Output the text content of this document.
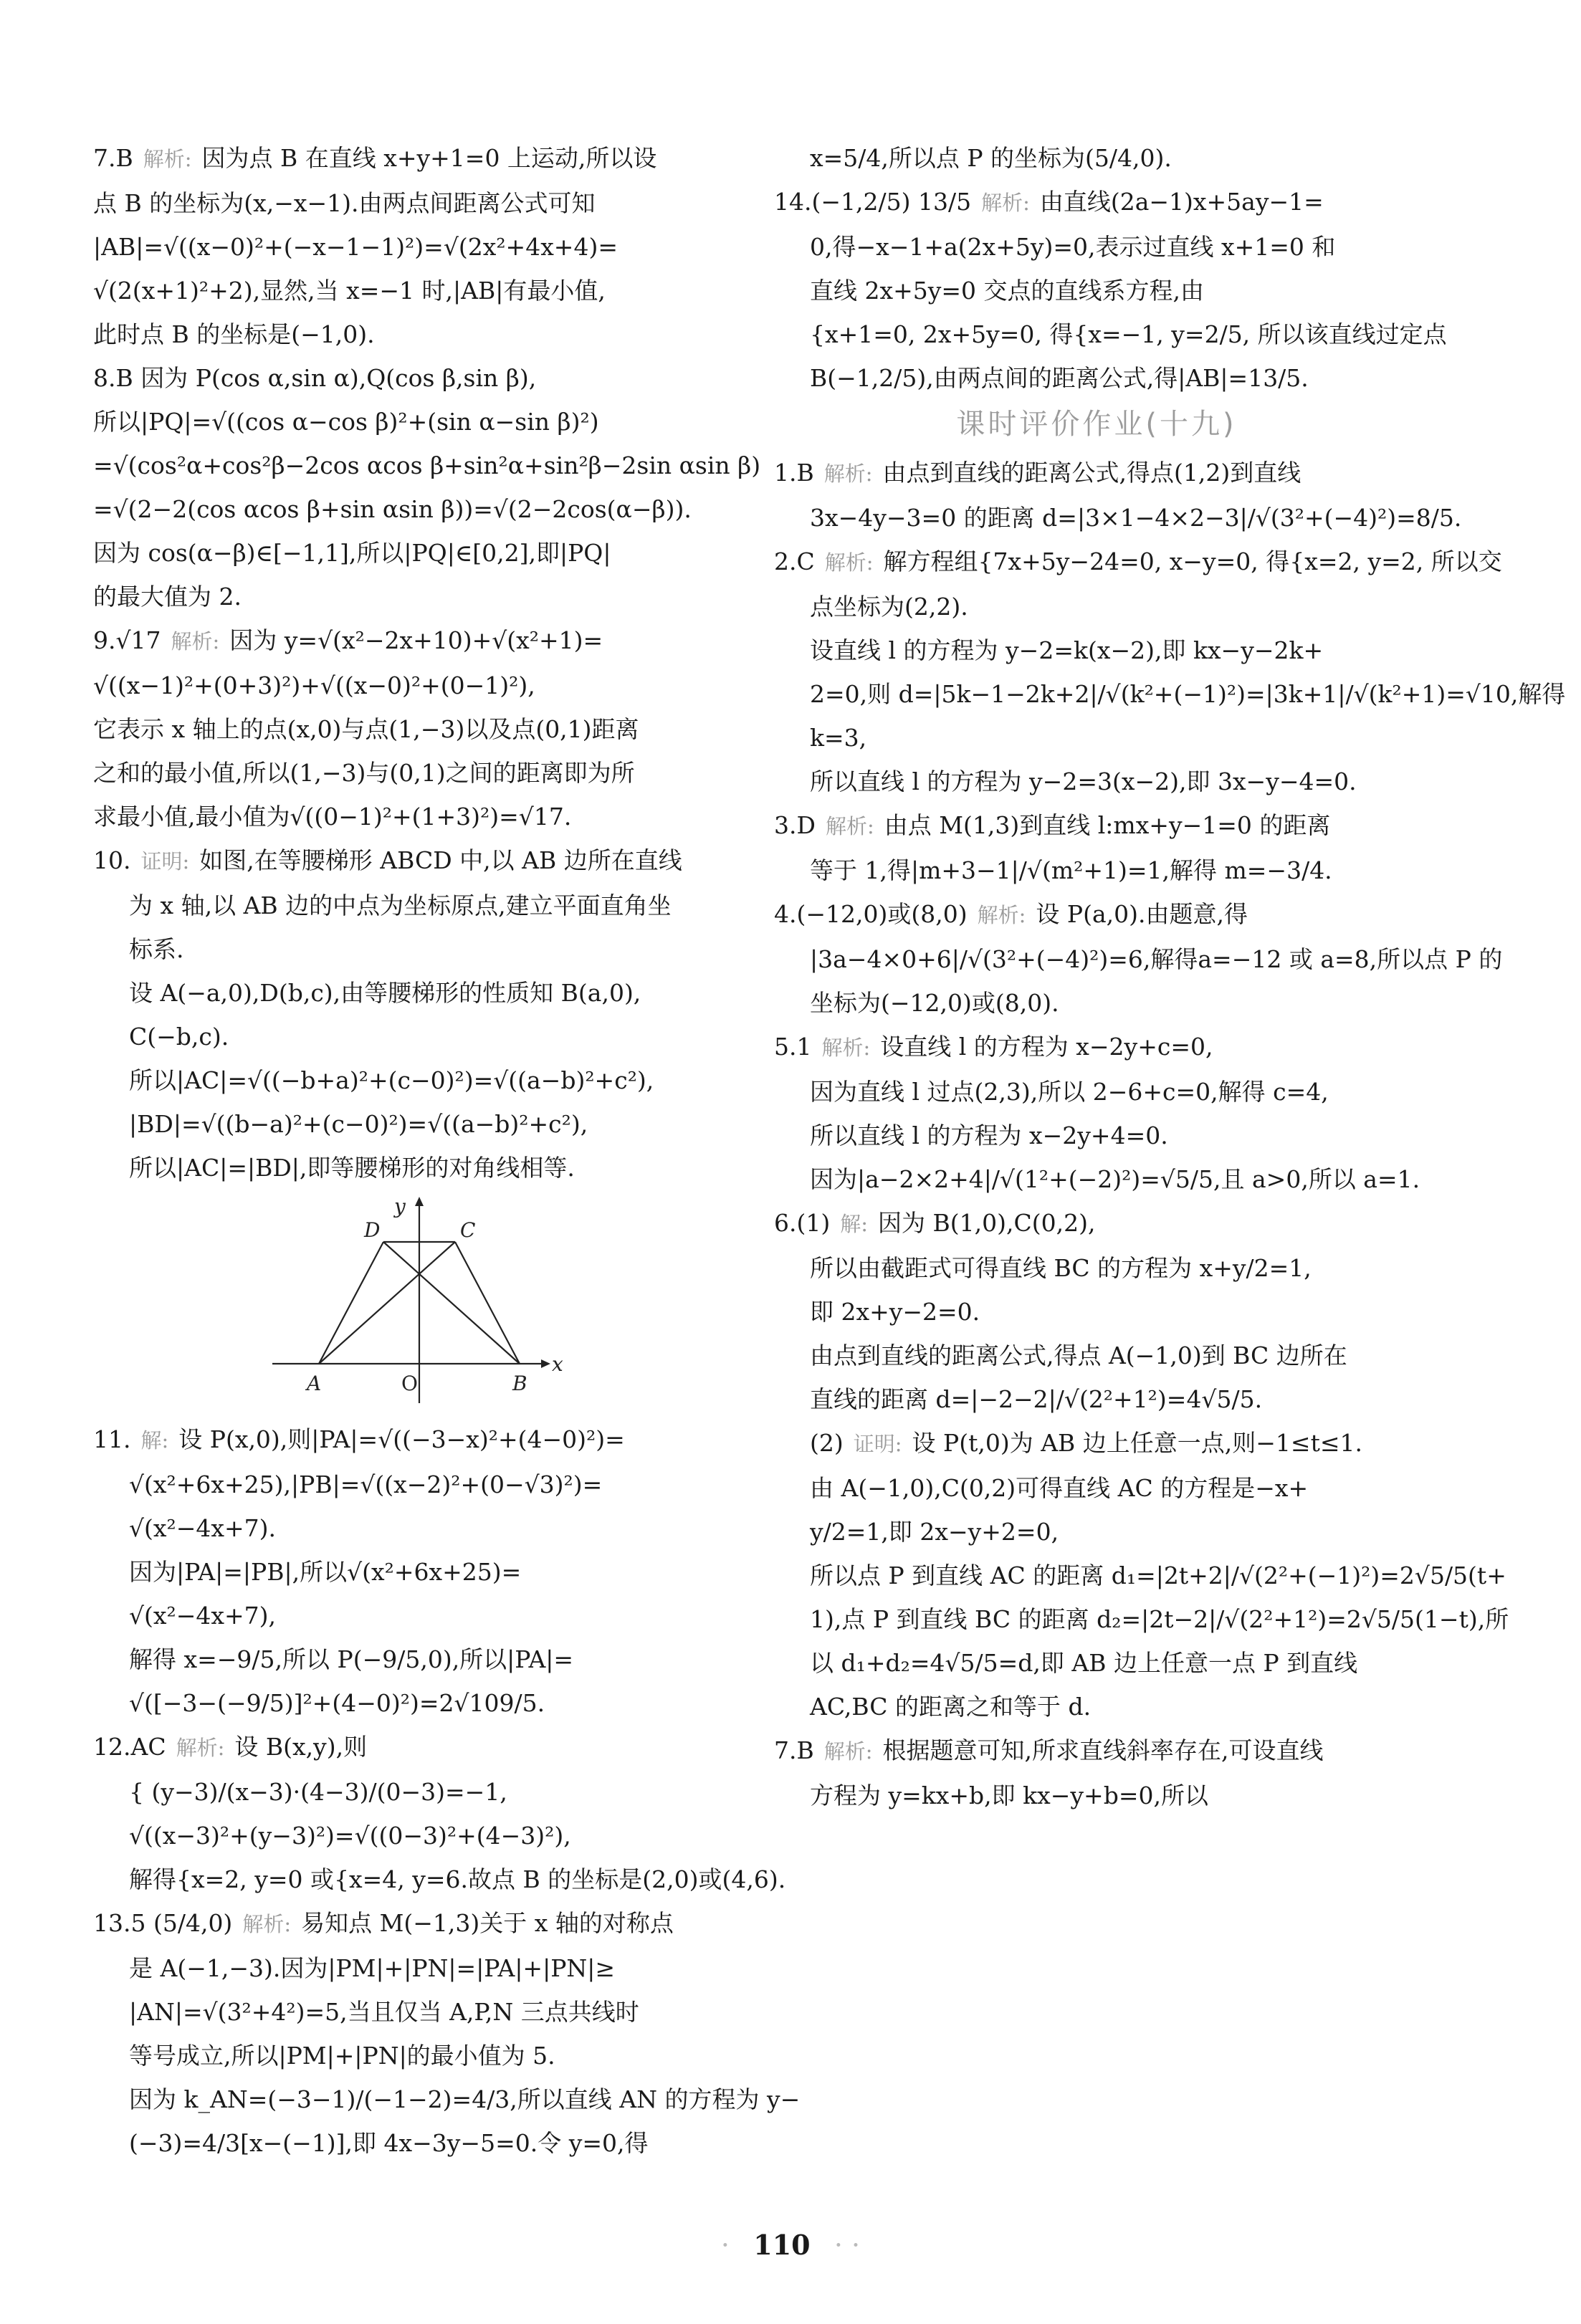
7.B 解析: 因为点 B 在直线 x+y+1=0 上运动,所以设
点 B 的坐标为(x,−x−1).由两点间距离公式可知
|AB|=√((x−0)²+(−x−1−1)²)=√(2x²+4x+4)=
√(2(x+1)²+2),显然,当 x=−1 时,|AB|有最小值,
此时点 B 的坐标是(−1,0).
8.B 因为 P(cos α,sin α),Q(cos β,sin β),
所以|PQ|=√((cos α−cos β)²+(sin α−sin β)²)
=√(cos²α+cos²β−2cos αcos β+sin²α+sin²β−2sin αsin β)
=√(2−2(cos αcos β+sin αsin β))=√(2−2cos(α−β)).
因为 cos(α−β)∈[−1,1],所以|PQ|∈[0,2],即|PQ|
的最大值为 2.
9.√17 解析: 因为 y=√(x²−2x+10)+√(x²+1)=
√((x−1)²+(0+3)²)+√((x−0)²+(0−1)²),
它表示 x 轴上的点(x,0)与点(1,−3)以及点(0,1)距离
之和的最小值,所以(1,−3)与(0,1)之间的距离即为所
求最小值,最小值为√((0−1)²+(1+3)²)=√17.
10. 证明: 如图,在等腰梯形 ABCD 中,以 AB 边所在直线
为 x 轴,以 AB 边的中点为坐标原点,建立平面直角坐
标系.
设 A(−a,0),D(b,c),由等腰梯形的性质知 B(a,0),
C(−b,c).
所以|AC|=√((−b+a)²+(c−0)²)=√((a−b)²+c²),
|BD|=√((b−a)²+(c−0)²)=√((a−b)²+c²),
所以|AC|=|BD|,即等腰梯形的对角线相等.
A	O	B
x
y
D	C
11. 解: 设 P(x,0),则|PA|=√((−3−x)²+(4−0)²)=
√(x²+6x+25),|PB|=√((x−2)²+(0−√3)²)=
√(x²−4x+7).
因为|PA|=|PB|,所以√(x²+6x+25)=
√(x²−4x+7),
解得 x=−9/5,所以 P(−9/5,0),所以|PA|=
√([−3−(−9/5)]²+(4−0)²)=2√109/5.
12.AC 解析: 设 B(x,y),则
{ (y−3)/(x−3)·(4−3)/(0−3)=−1,
√((x−3)²+(y−3)²)=√((0−3)²+(4−3)²),
解得{x=2, y=0 或{x=4, y=6.故点 B 的坐标是(2,0)或(4,6).
13.5 (5/4,0) 解析: 易知点 M(−1,3)关于 x 轴的对称点
是 A(−1,−3).因为|PM|+|PN|=|PA|+|PN|≥
|AN|=√(3²+4²)=5,当且仅当 A,P,N 三点共线时
等号成立,所以|PM|+|PN|的最小值为 5.
因为 k_AN=(−3−1)/(−1−2)=4/3,所以直线 AN 的方程为 y−
(−3)=4/3[x−(−1)],即 4x−3y−5=0.令 y=0,得
x=5/4,所以点 P 的坐标为(5/4,0).
14.(−1,2/5) 13/5 解析: 由直线(2a−1)x+5ay−1=
0,得−x−1+a(2x+5y)=0,表示过直线 x+1=0 和
直线 2x+5y=0 交点的直线系方程,由
{x+1=0, 2x+5y=0, 得{x=−1, y=2/5, 所以该直线过定点
B(−1,2/5),由两点间的距离公式,得|AB|=13/5.
课时评价作业(十九)
1.B 解析: 由点到直线的距离公式,得点(1,2)到直线
3x−4y−3=0 的距离 d=|3×1−4×2−3|/√(3²+(−4)²)=8/5.
2.C 解析: 解方程组{7x+5y−24=0, x−y=0, 得{x=2, y=2, 所以交
点坐标为(2,2).
设直线 l 的方程为 y−2=k(x−2),即 kx−y−2k+
2=0,则 d=|5k−1−2k+2|/√(k²+(−1)²)=|3k+1|/√(k²+1)=√10,解得
k=3,
所以直线 l 的方程为 y−2=3(x−2),即 3x−y−4=0.
3.D 解析: 由点 M(1,3)到直线 l:mx+y−1=0 的距离
等于 1,得|m+3−1|/√(m²+1)=1,解得 m=−3/4.
4.(−12,0)或(8,0) 解析: 设 P(a,0).由题意,得
|3a−4×0+6|/√(3²+(−4)²)=6,解得a=−12 或 a=8,所以点 P 的
坐标为(−12,0)或(8,0).
5.1 解析: 设直线 l 的方程为 x−2y+c=0,
因为直线 l 过点(2,3),所以 2−6+c=0,解得 c=4,
所以直线 l 的方程为 x−2y+4=0.
因为|a−2×2+4|/√(1²+(−2)²)=√5/5,且 a>0,所以 a=1.
6.(1) 解: 因为 B(1,0),C(0,2),
所以由截距式可得直线 BC 的方程为 x+y/2=1,
即 2x+y−2=0.
由点到直线的距离公式,得点 A(−1,0)到 BC 边所在
直线的距离 d=|−2−2|/√(2²+1²)=4√5/5.
(2) 证明: 设 P(t,0)为 AB 边上任意一点,则−1≤t≤1.
由 A(−1,0),C(0,2)可得直线 AC 的方程是−x+
y/2=1,即 2x−y+2=0,
所以点 P 到直线 AC 的距离 d₁=|2t+2|/√(2²+(−1)²)=2√5/5(t+
1),点 P 到直线 BC 的距离 d₂=|2t−2|/√(2²+1²)=2√5/5(1−t),所
以 d₁+d₂=4√5/5=d,即 AB 边上任意一点 P 到直线
AC,BC 的距离之和等于 d.
7.B 解析: 根据题意可知,所求直线斜率存在,可设直线
方程为 y=kx+b,即 kx−y+b=0,所以
· 110 · ·
